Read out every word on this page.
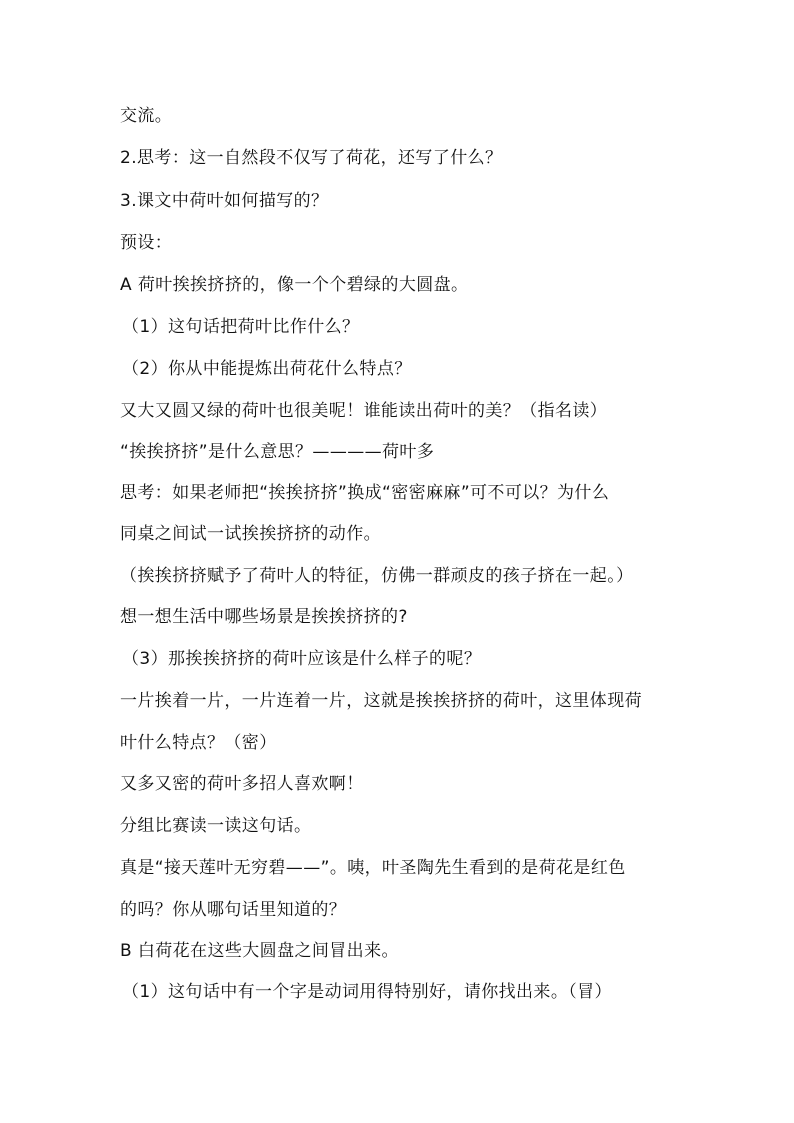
交流。
2.思考：这一自然段不仅写了荷花，还写了什么？
3.课文中荷叶如何描写的？
预设：
A 荷叶挨挨挤挤的，像一个个碧绿的大圆盘。
（1）这句话把荷叶比作什么？
（2）你从中能提炼出荷花什么特点？
又大又圆又绿的荷叶也很美呢！谁能读出荷叶的美？（指名读）
“挨挨挤挤”是什么意思？————荷叶多
思考：如果老师把“挨挨挤挤”换成“密密麻麻”可不可以？为什么
同桌之间试一试挨挨挤挤的动作。
（挨挨挤挤赋予了荷叶人的特征，仿佛一群顽皮的孩子挤在一起。）
想一想生活中哪些场景是挨挨挤挤的?
（3）那挨挨挤挤的荷叶应该是什么样子的呢？
一片挨着一片，一片连着一片，这就是挨挨挤挤的荷叶，这里体现荷
叶什么特点？（密）
又多又密的荷叶多招人喜欢啊！
分组比赛读一读这句话。
真是“接天莲叶无穷碧——”。咦，叶圣陶先生看到的是荷花是红色
的吗？你从哪句话里知道的？
B 白荷花在这些大圆盘之间冒出来。
（1）这句话中有一个字是动词用得特别好，请你找出来。（冒）
